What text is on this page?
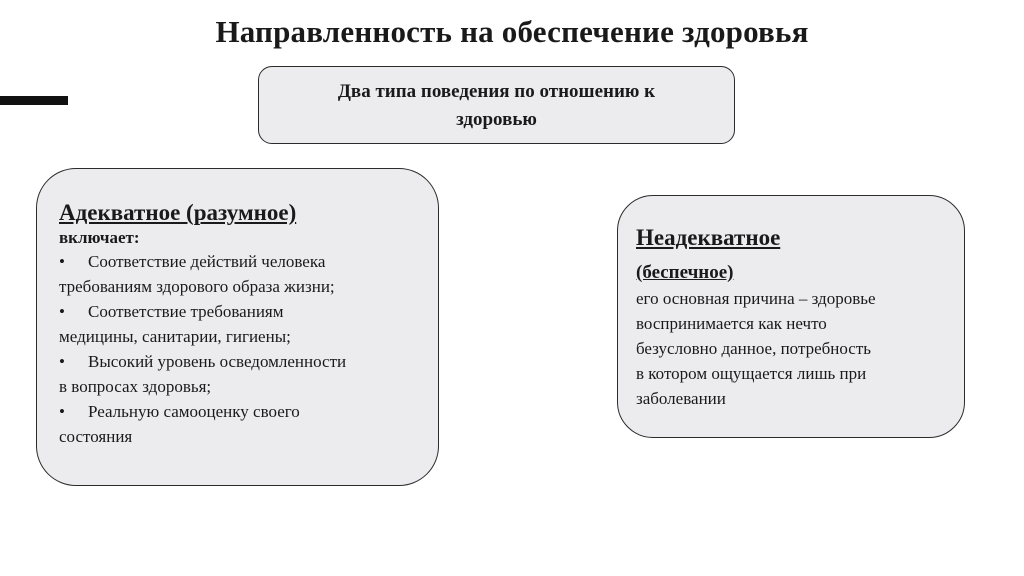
Направленность на обеспечение здоровья
Два типа поведения по отношению к
здоровью
Адекватное (разумное)
включает:
• Соответствие действий человека
требованиям здорового образа жизни;
• Соответствие требованиям
медицины, санитарии, гигиены;
• Высокий уровень осведомленности
в вопросах здоровья;
• Реальную самооценку своего
состояния
Неадекватное
(беспечное)
его основная причина – здоровье
воспринимается как нечто
безусловно данное, потребность
в котором ощущается лишь при
заболевании
